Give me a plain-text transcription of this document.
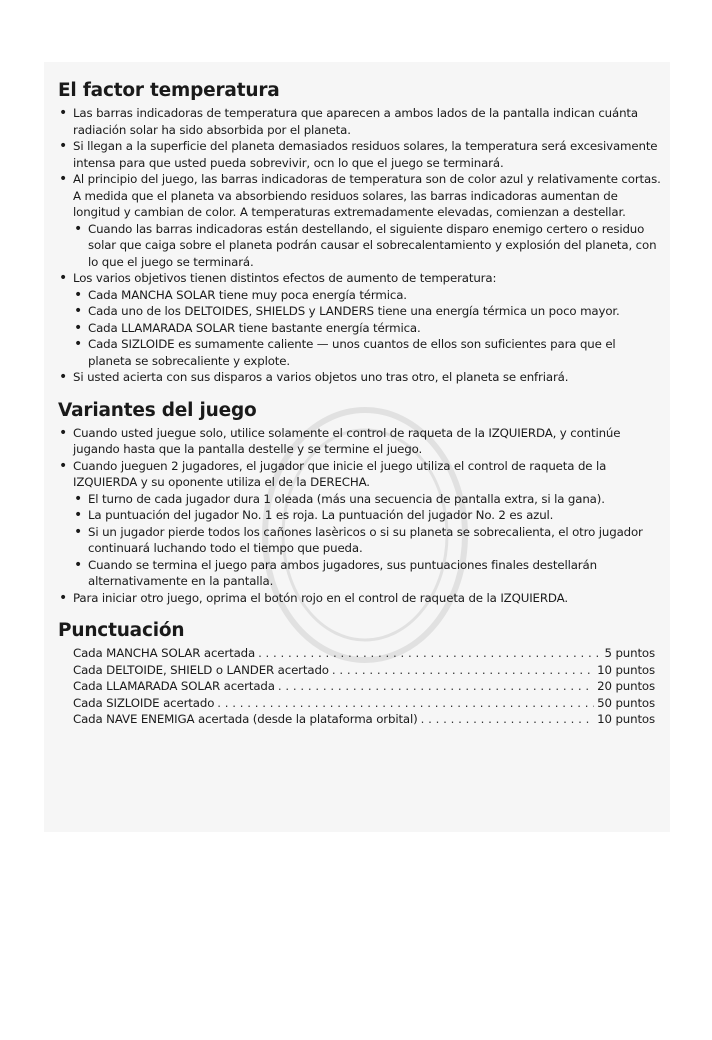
El factor temperatura
• Las barras indicadoras de temperatura que aparecen a ambos lados de la pantalla indican cuánta radiación solar ha sido absorbida por el planeta.
• Si llegan a la superficie del planeta demasiados residuos solares, la temperatura será excesivamente intensa para que usted pueda sobrevivir, ocn lo que el juego se terminará.
• Al principio del juego, las barras indicadoras de temperatura son de color azul y relativamente cortas. A medida que el planeta va absorbiendo residuos solares, las barras indicadoras aumentan de longitud y cambian de color. A temperaturas extremadamente elevadas, comienzan a destellar.
• Cuando las barras indicadoras están destellando, el siguiente disparo enemigo certero o residuo solar que caiga sobre el planeta podrán causar el sobrecalentamiento y explosión del planeta, con lo que el juego se terminará.
• Los varios objetivos tienen distintos efectos de aumento de temperatura:
• Cada MANCHA SOLAR tiene muy poca energía térmica.
• Cada uno de los DELTOIDES, SHIELDS y LANDERS tiene una energía térmica un poco mayor.
• Cada LLAMARADA SOLAR tiene bastante energía térmica.
• Cada SIZLOIDE es sumamente caliente — unos cuantos de ellos son suficientes para que el planeta se sobrecaliente y explote.
• Si usted acierta con sus disparos a varios objetos uno tras otro, el planeta se enfriará.
Variantes del juego
• Cuando usted juegue solo, utilice solamente el control de raqueta de la IZQUIERDA, y continúe jugando hasta que la pantalla destelle y se termine el juego.
• Cuando jueguen 2 jugadores, el jugador que inicie el juego utiliza el control de raqueta de la IZQUIERDA y su oponente utiliza el de la DERECHA.
• El turno de cada jugador dura 1 oleada (más una secuencia de pantalla extra, si la gana).
• La puntuación del jugador No. 1 es roja. La puntuación del jugador No. 2 es azul.
• Si un jugador pierde todos los cañones lasèricos o si su planeta se sobrecalienta, el otro jugador continuará luchando todo el tiempo que pueda.
• Cuando se termina el juego para ambos jugadores, sus puntuaciones finales destellarán alternativamente en la pantalla.
• Para iniciar otro juego, oprima el botón rojo en el control de raqueta de la IZQUIERDA.
Punctuación
Cada MANCHA SOLAR acertada . . .	5 puntos
Cada DELTOIDE, SHIELD o LANDER acertado . . .	10 puntos
Cada LLAMARADA SOLAR acertada . . .	20 puntos
Cada SIZLOIDE acertado . . .	50 puntos
Cada NAVE ENEMIGA acertada (desde la plataforma orbital) . . .	10 puntos
